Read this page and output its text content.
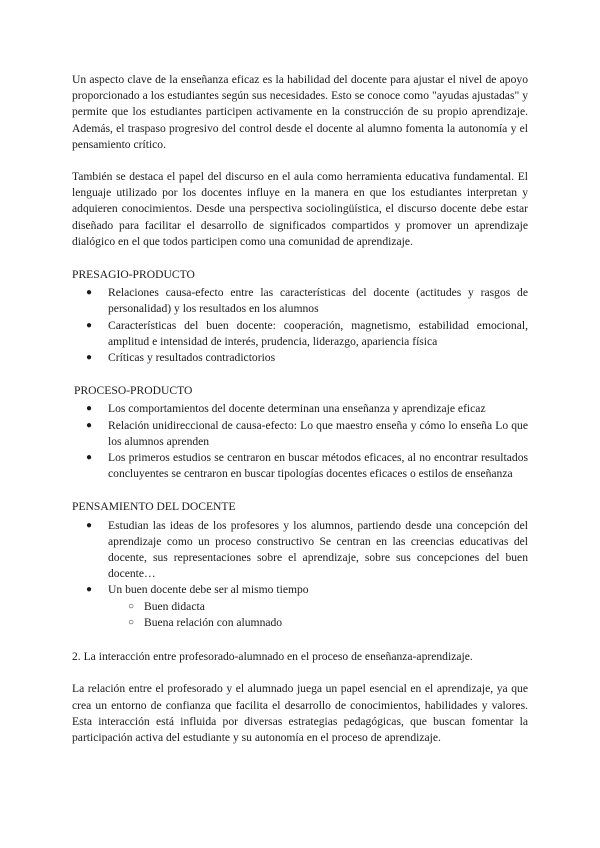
Un aspecto clave de la enseñanza eficaz es la habilidad del docente para ajustar el nivel de apoyo proporcionado a los estudiantes según sus necesidades. Esto se conoce como "ayudas ajustadas" y permite que los estudiantes participen activamente en la construcción de su propio aprendizaje. Además, el traspaso progresivo del control desde el docente al alumno fomenta la autonomía y el pensamiento crítico.

También se destaca el papel del discurso en el aula como herramienta educativa fundamental. El lenguaje utilizado por los docentes influye en la manera en que los estudiantes interpretan y adquieren conocimientos. Desde una perspectiva sociolingüística, el discurso docente debe estar diseñado para facilitar el desarrollo de significados compartidos y promover un aprendizaje dialógico en el que todos participen como una comunidad de aprendizaje.

PRESAGIO-PRODUCTO
● Relaciones causa-efecto entre las características del docente (actitudes y rasgos de personalidad) y los resultados en los alumnos
● Características del buen docente: cooperación, magnetismo, estabilidad emocional, amplitud e intensidad de interés, prudencia, liderazgo, apariencia física
● Críticas y resultados contradictorios
PROCESO-PRODUCTO
● Los comportamientos del docente determinan una enseñanza y aprendizaje eficaz
● Relación unidireccional de causa-efecto: Lo que maestro enseña y cómo lo enseña Lo que los alumnos aprenden
● Los primeros estudios se centraron en buscar métodos eficaces, al no encontrar resultados concluyentes se centraron en buscar tipologías docentes eficaces o estilos de enseñanza
PENSAMIENTO DEL DOCENTE
● Estudian las ideas de los profesores y los alumnos, partiendo desde una concepción del aprendizaje como un proceso constructivo Se centran en las creencias educativas del docente, sus representaciones sobre el aprendizaje, sobre sus concepciones del buen docente…
● Un buen docente debe ser al mismo tiempo
○ Buen didacta
○ Buena relación con alumnado
2. La interacción entre profesorado-alumnado en el proceso de enseñanza-aprendizaje.

La relación entre el profesorado y el alumnado juega un papel esencial en el aprendizaje, ya que crea un entorno de confianza que facilita el desarrollo de conocimientos, habilidades y valores. Esta interacción está influida por diversas estrategias pedagógicas, que buscan fomentar la participación activa del estudiante y su autonomía en el proceso de aprendizaje.
